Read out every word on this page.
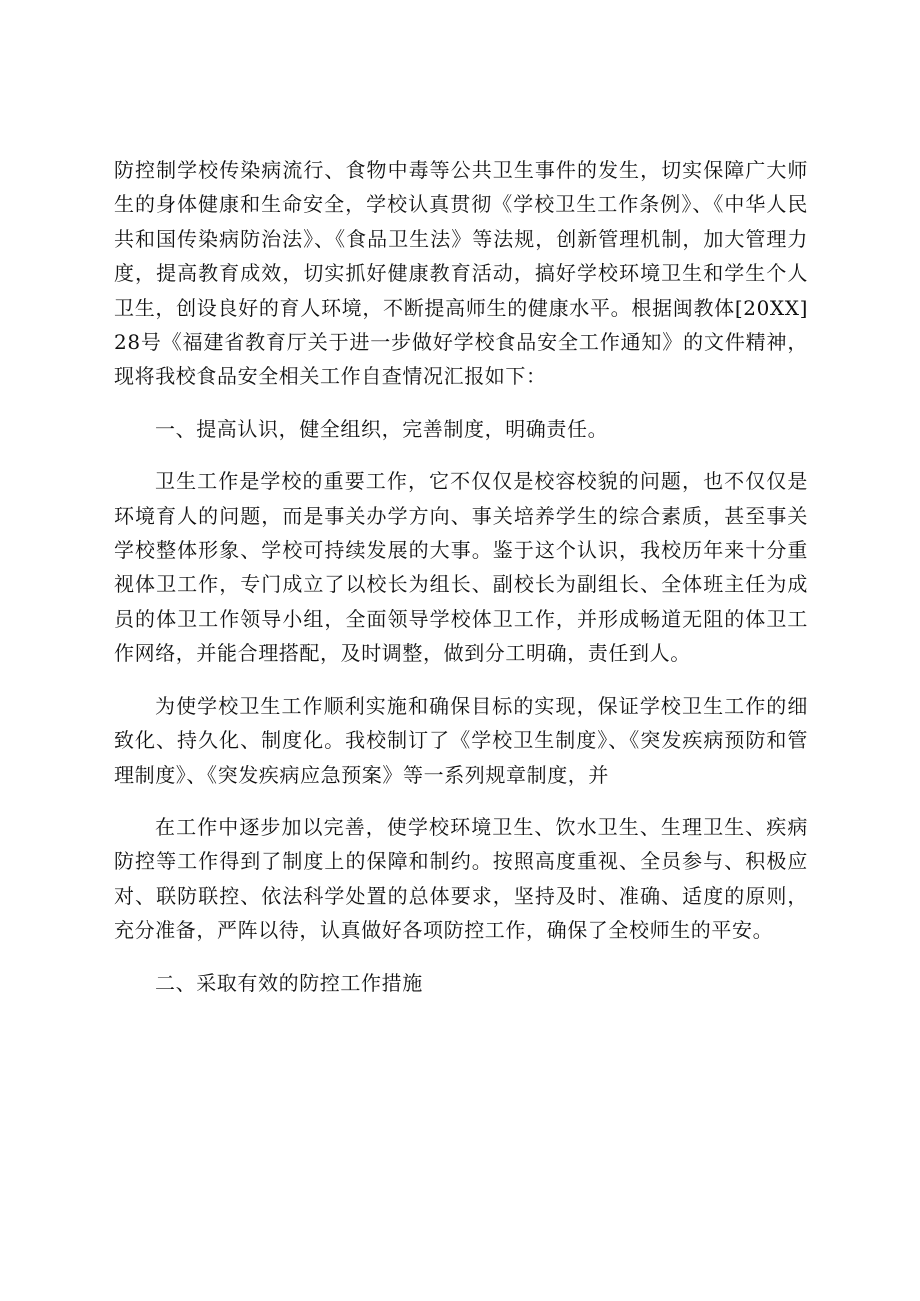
防控制学校传染病流行、食物中毒等公共卫生事件的发生，切实保障广大师生的身体健康和生命安全，学校认真贯彻《学校卫生工作条例》、《中华人民共和国传染病防治法》、《食品卫生法》等法规，创新管理机制，加大管理力度，提高教育成效，切实抓好健康教育活动，搞好学校环境卫生和学生个人卫生，创设良好的育人环境，不断提高师生的健康水平。根据闽教体[20XX]28号《福建省教育厅关于进一步做好学校食品安全工作通知》的文件精神，现将我校食品安全相关工作自查情况汇报如下：

一、提高认识，健全组织，完善制度，明确责任。

卫生工作是学校的重要工作，它不仅仅是校容校貌的问题，也不仅仅是环境育人的问题，而是事关办学方向、事关培养学生的综合素质，甚至事关学校整体形象、学校可持续发展的大事。鉴于这个认识，我校历年来十分重视体卫工作，专门成立了以校长为组长、副校长为副组长、全体班主任为成员的体卫工作领导小组，全面领导学校体卫工作，并形成畅道无阻的体卫工作网络，并能合理搭配，及时调整，做到分工明确，责任到人。

为使学校卫生工作顺利实施和确保目标的实现，保证学校卫生工作的细致化、持久化、制度化。我校制订了《学校卫生制度》、《突发疾病预防和管理制度》、《突发疾病应急预案》等一系列规章制度，并

在工作中逐步加以完善，使学校环境卫生、饮水卫生、生理卫生、疾病防控等工作得到了制度上的保障和制约。按照高度重视、全员参与、积极应对、联防联控、依法科学处置的总体要求，坚持及时、准确、适度的原则，充分准备，严阵以待，认真做好各项防控工作，确保了全校师生的平安。

二、采取有效的防控工作措施
